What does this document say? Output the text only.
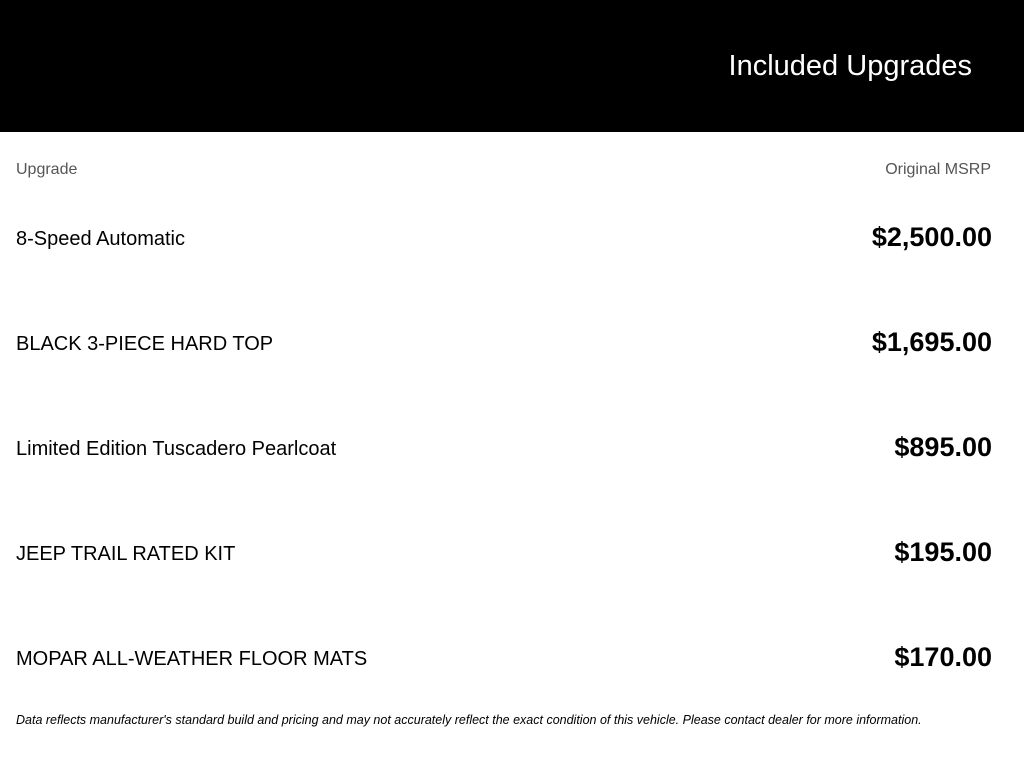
Included Upgrades
Upgrade	Original MSRP
8-Speed Automatic	$2,500.00
BLACK 3-PIECE HARD TOP	$1,695.00
Limited Edition Tuscadero Pearlcoat	$895.00
JEEP TRAIL RATED KIT	$195.00
MOPAR ALL-WEATHER FLOOR MATS	$170.00
Data reflects manufacturer's standard build and pricing and may not accurately reflect the exact condition of this vehicle. Please contact dealer for more information.
